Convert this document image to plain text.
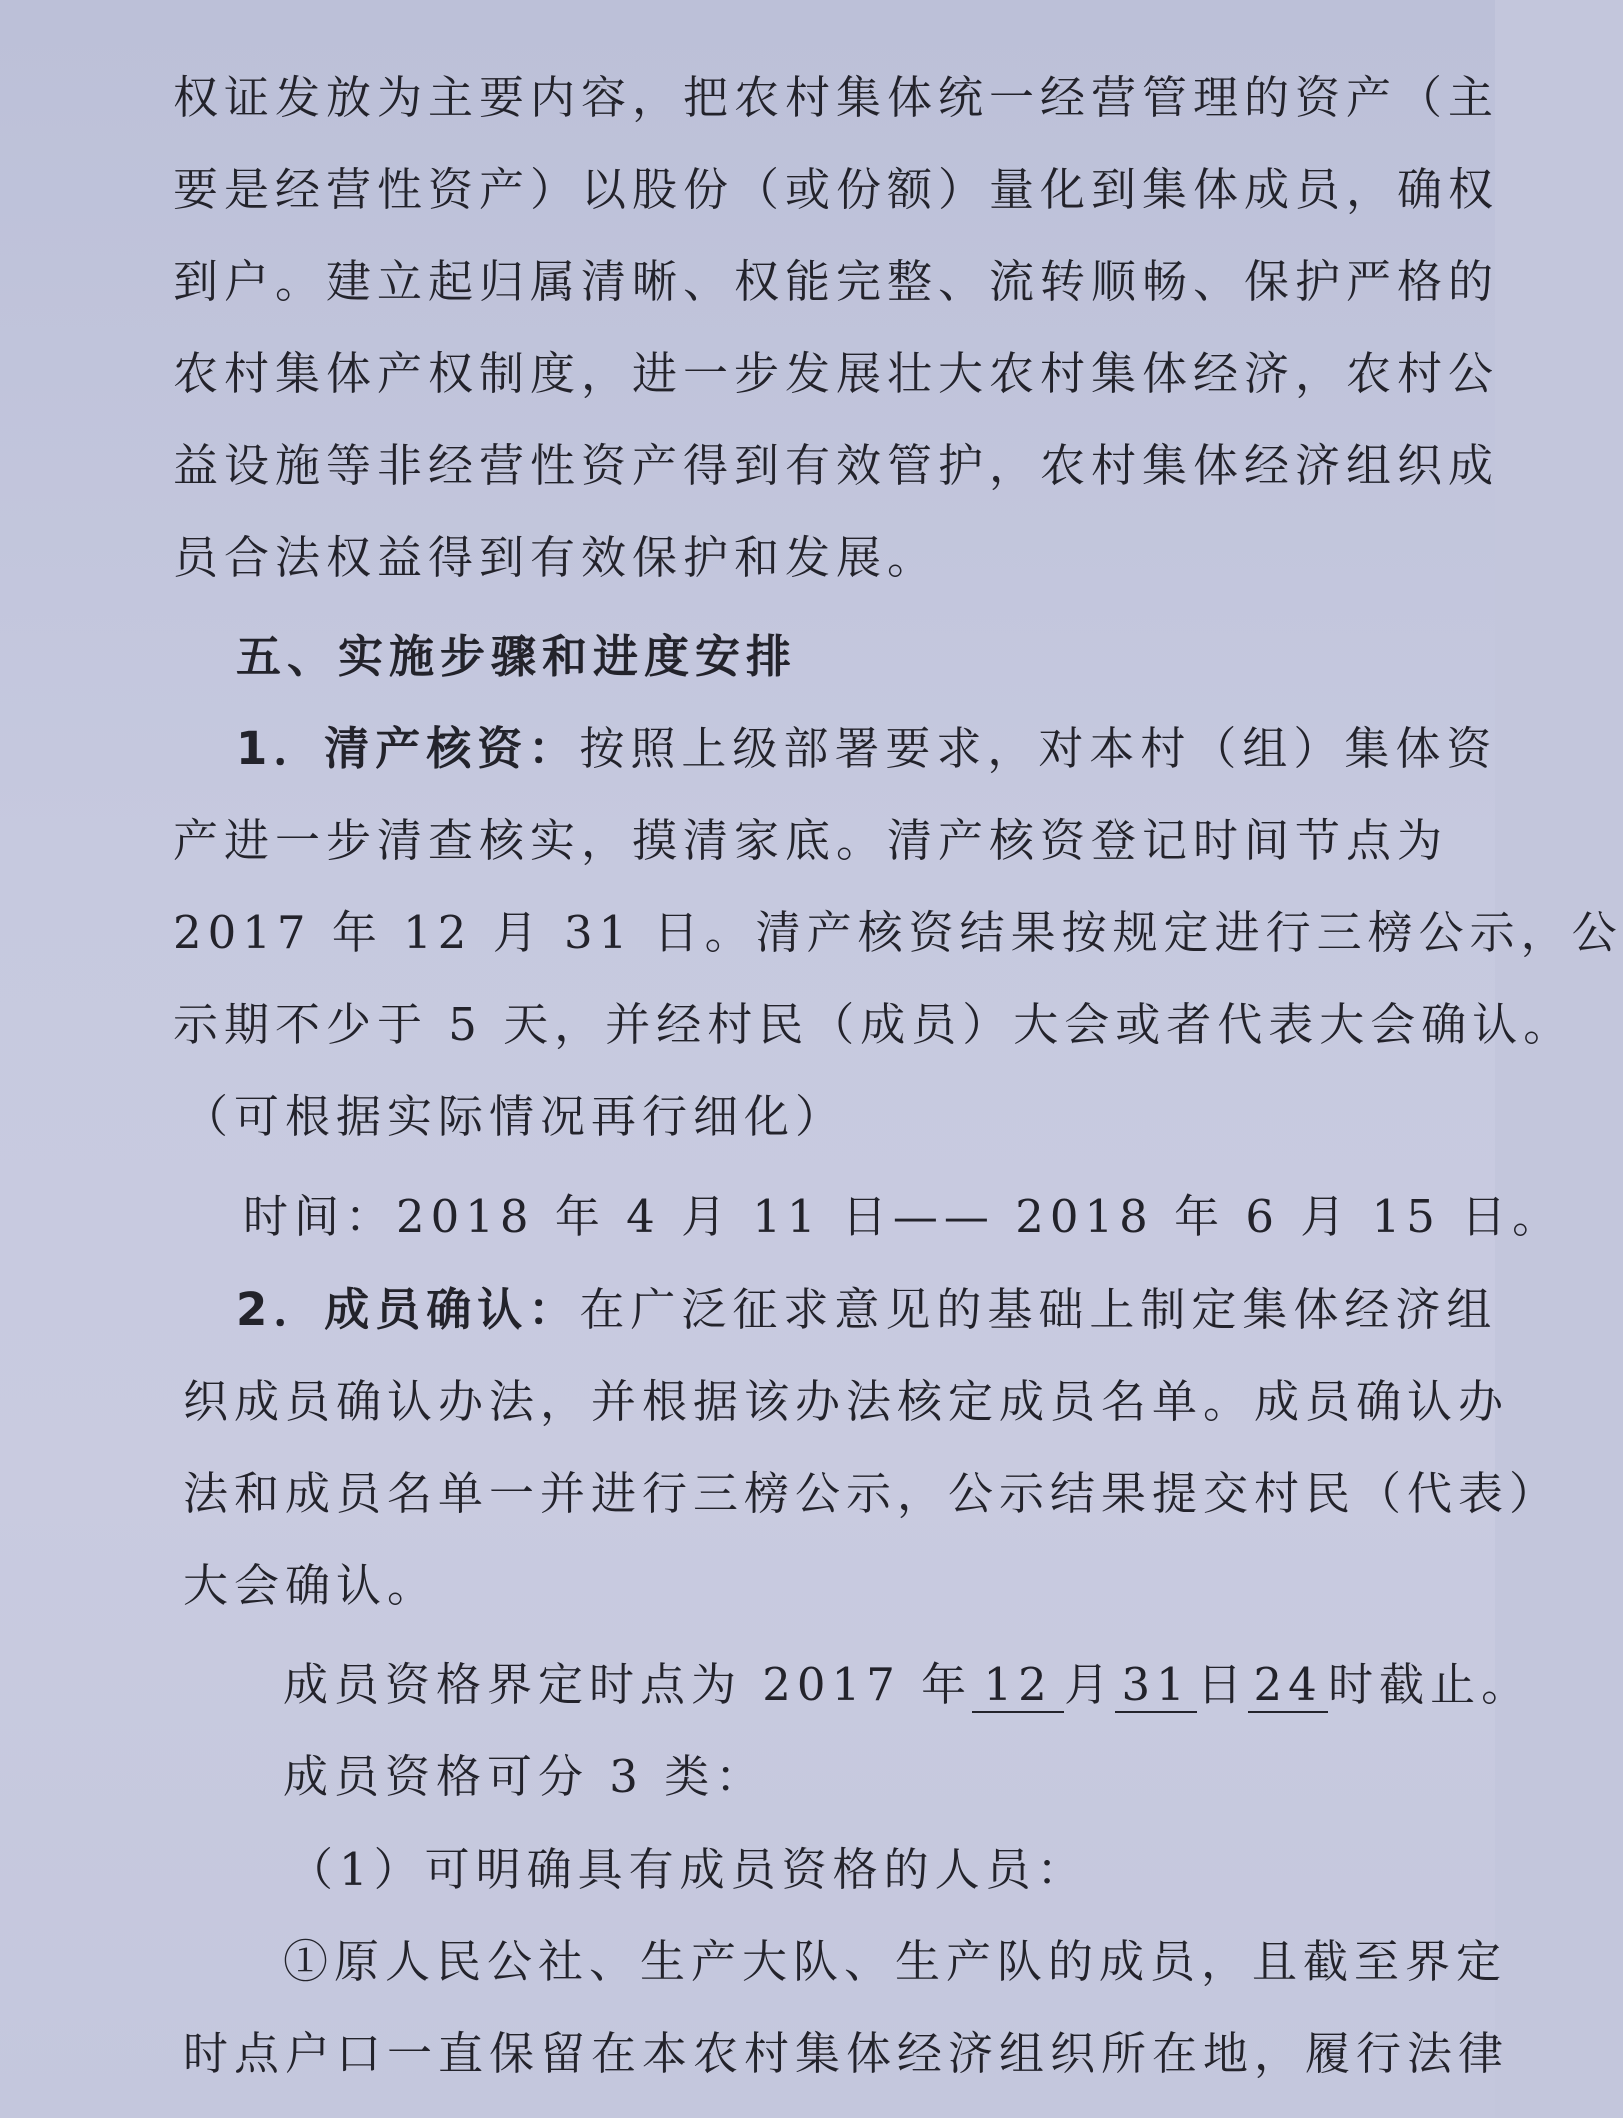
权证发放为主要内容，把农村集体统一经营管理的资产（主
要是经营性资产）以股份（或份额）量化到集体成员，确权
到户。建立起归属清晰、权能完整、流转顺畅、保护严格的
农村集体产权制度，进一步发展壮大农村集体经济，农村公
益设施等非经营性资产得到有效管护，农村集体经济组织成
员合法权益得到有效保护和发展。
五、实施步骤和进度安排
1．清产核资：按照上级部署要求，对本村（组）集体资
产进一步清查核实，摸清家底。清产核资登记时间节点为
2017 年 12 月 31 日。清产核资结果按规定进行三榜公示，公
示期不少于 5 天，并经村民（成员）大会或者代表大会确认。
（可根据实际情况再行细化）
时间：2018 年 4 月 11 日—— 2018 年 6 月 15 日。
2．成员确认：在广泛征求意见的基础上制定集体经济组
织成员确认办法，并根据该办法核定成员名单。成员确认办
法和成员名单一并进行三榜公示，公示结果提交村民（代表）
大会确认。
成员资格界定时点为 2017 年 12 月 31 日 24 时截止。
成员资格可分 3 类：
（1）可明确具有成员资格的人员：
①原人民公社、生产大队、生产队的成员，且截至界定
时点户口一直保留在本农村集体经济组织所在地，履行法律
